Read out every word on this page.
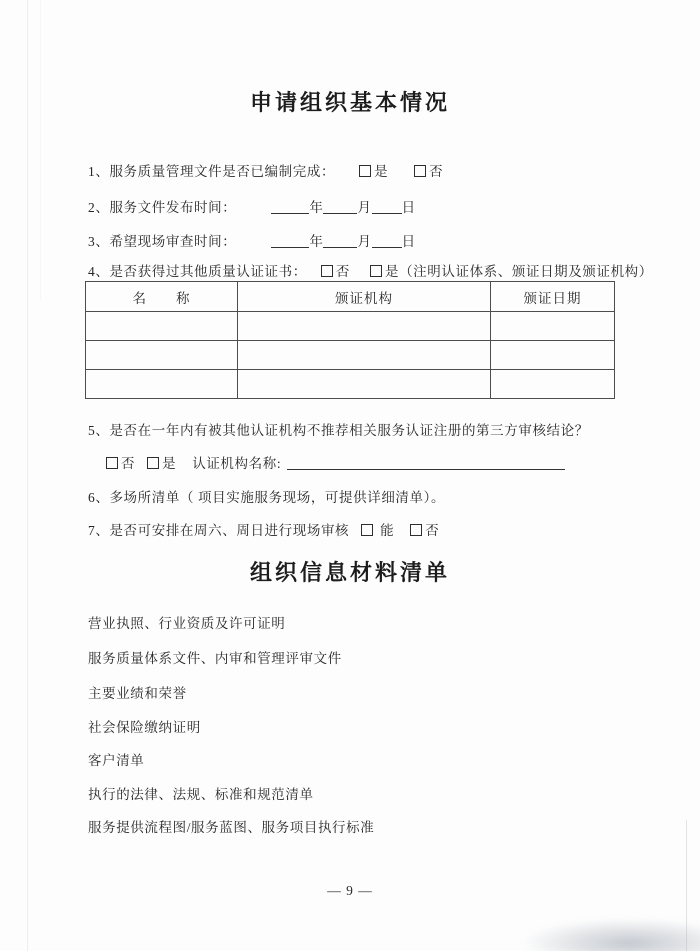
申请组织基本情况
1、服务质量管理文件是否已编制完成：	是	否
2、服务文件发布时间：	年	月 日
3、希望现场审查时间：	年	月 日
4、是否获得过其他质量认证证书： 否	是（注明认证体系、颁证日期及颁证机构）
名　　称	颁证机构	颁证日期

5、是否在一年内有被其他认证机构不推荐相关服务认证注册的第三方审核结论？
否 是 认证机构名称:
6、多场所清单（ 项目实施服务现场，可提供详细清单）。
7、是否可安排在周六、周日进行现场审核 能 否
组织信息材料清单
营业执照、行业资质及许可证明
服务质量体系文件、内审和管理评审文件
主要业绩和荣誉
社会保险缴纳证明
客户清单
执行的法律、法规、标准和规范清单
服务提供流程图/服务蓝图、服务项目执行标准
— 9 —
